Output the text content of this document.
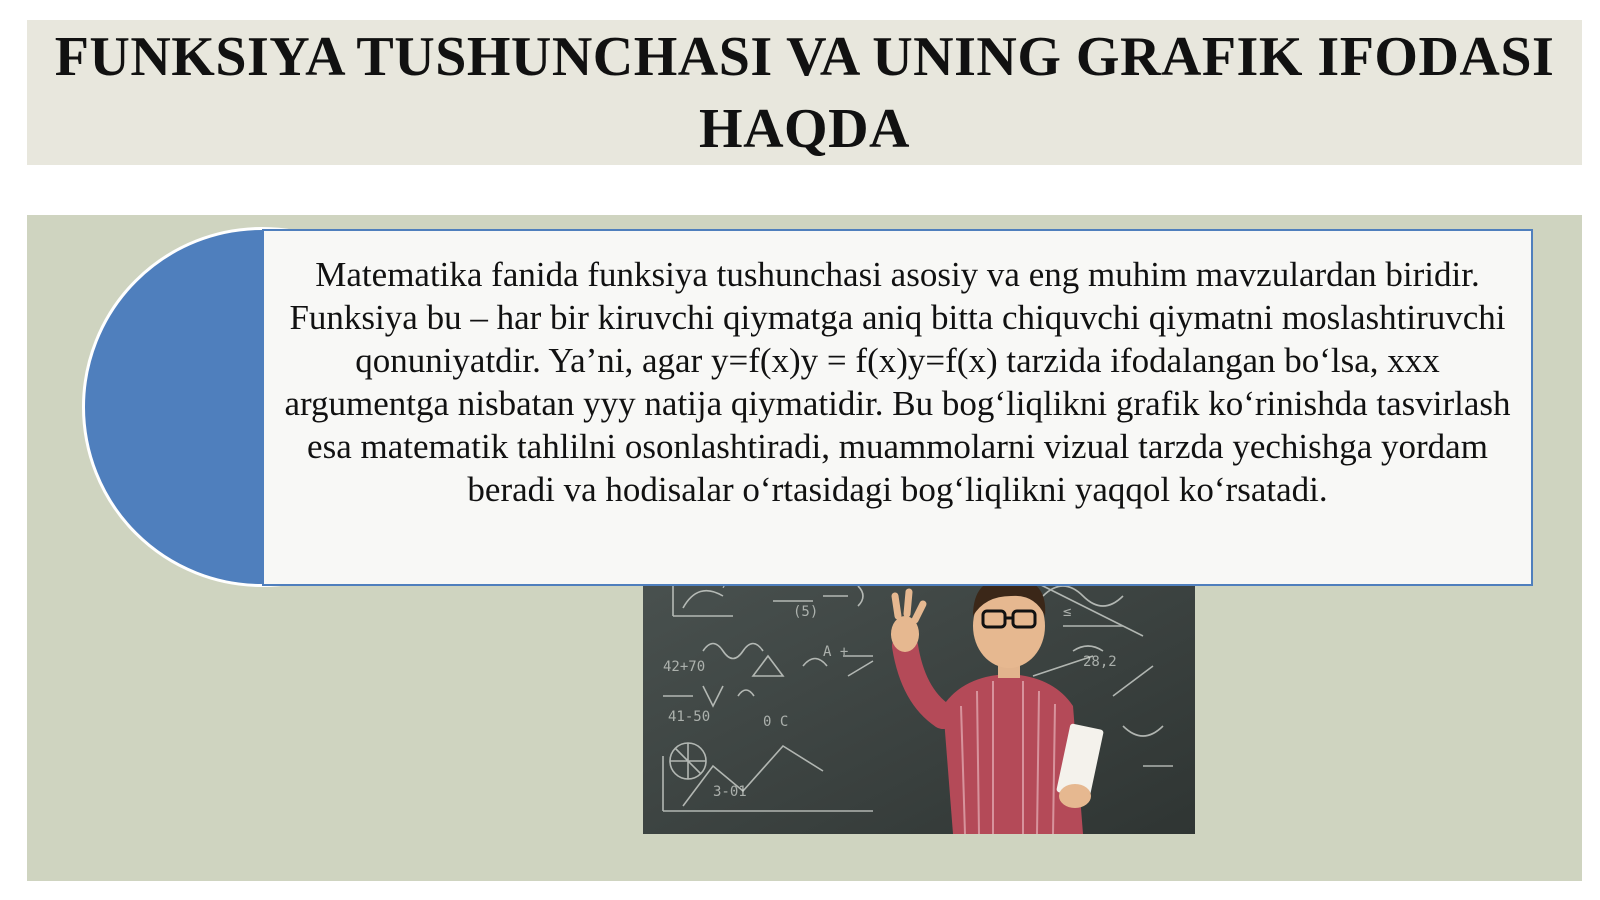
FUNKSIYA TUSHUNCHASI VA UNING GRAFIK IFODASI HAQDA

Matematika fanida funksiya tushunchasi asosiy va eng muhim mavzulardan biridir. Funksiya bu – har bir kiruvchi qiymatga aniq bitta chiquvchi qiymatni moslashtiruvchi qonuniyatdir. Ya’ni, agar y=f(x)y = f(x)y=f(x) tarzida ifodalangan bo‘lsa, xxx argumentga nisbatan yyy natija qiymatidir. Bu bog‘liqlikni grafik ko‘rinishda tasvirlash esa matematik tahlilni osonlashtiradi, muammolarni vizual tarzda yechishga yordam beradi va hodisalar o‘rtasidagi bog‘liqlikni yaqqol ko‘rsatadi.

(5)
42+70
41-50	0 C
A +
28,2
≤
3-01
